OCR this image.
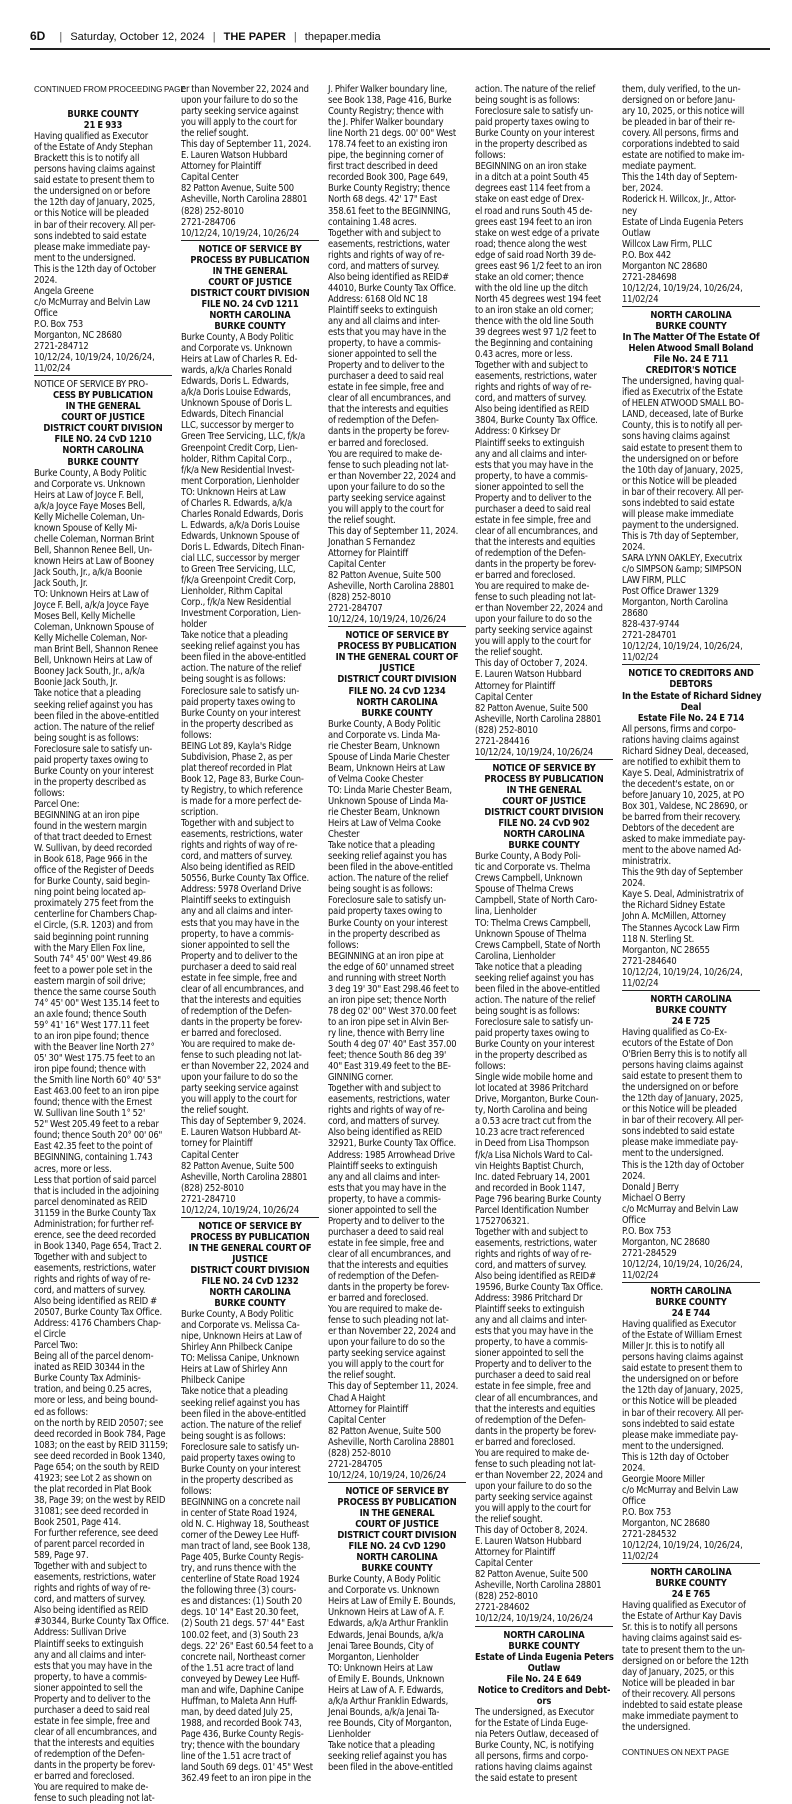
6D | Saturday, October 12, 2024 | THE PAPER | thepaper.media
CONTINUED FROM PROCEEDING PAGE
BURKE COUNTY
21 E 933
Having qualified as Executor
of the Estate of Andy Stephan
Brackett this is to notify all
persons having claims against
said estate to present them to
the undersigned on or before
the 12th day of January, 2025,
or this Notice will be pleaded
in bar of their recovery. All per-
sons indebted to said estate
please make immediate pay-
ment to the undersigned.
This is the 12th day of October
2024.
Angela Greene
c/o McMurray and Belvin Law
Office
P.O. Box 753
Morganton, NC 28680
2721-284712
10/12/24, 10/19/24, 10/26/24,
11/02/24
NOTICE OF SERVICE BY PRO-
CESS BY PUBLICATION
IN THE GENERAL
COURT OF JUSTICE
DISTRICT COURT DIVISION
FILE NO. 24 CvD 1210
NORTH CAROLINA
BURKE COUNTY
Burke County, A Body Politic
and Corporate vs. Unknown
Heirs at Law of Joyce F. Bell,
a/k/a Joyce Faye Moses Bell,
Kelly Michelle Coleman, Un-
known Spouse of Kelly Mi-
chelle Coleman, Norman Brint
Bell, Shannon Renee Bell, Un-
known Heirs at Law of Booney
Jack South, Jr., a/k/a Boonie
Jack South, Jr.
TO: Unknown Heirs at Law of
Joyce F. Bell, a/k/a Joyce Faye
Moses Bell, Kelly Michelle
Coleman, Unknown Spouse of
Kelly Michelle Coleman, Nor-
man Brint Bell, Shannon Renee
Bell, Unknown Heirs at Law of
Booney Jack South, Jr., a/k/a
Boonie Jack South, Jr.
Take notice that a pleading
seeking relief against you has
been filed in the above-entitled
action. The nature of the relief
being sought is as follows:
Foreclosure sale to satisfy un-
paid property taxes owing to
Burke County on your interest
in the property described as
follows:
Parcel One:
BEGINNING at an iron pipe
found in the western margin
of that tract deeded to Ernest
W. Sullivan, by deed recorded
in Book 618, Page 966 in the
office of the Register of Deeds
for Burke County, said begin-
ning point being located ap-
proximately 275 feet from the
centerline for Chambers Chap-
el Circle, (S.R. 1203) and from
said beginning point running
with the Mary Ellen Fox line,
South 74° 45' 00" West 49.86
feet to a power pole set in the
eastern margin of soil drive;
thence the same course South
74° 45' 00" West 135.14 feet to
an axle found; thence South
59° 41' 16" West 177.11 feet
to an iron pipe found; thence
with the Beaver line North 27°
05' 30" West 175.75 feet to an
iron pipe found; thence with
the Smith line North 60° 40' 53"
East 463.00 feet to an iron pipe
found; thence with the Ernest
W. Sullivan line South 1° 52'
52" West 205.49 feet to a rebar
found; thence South 20° 00' 06"
East 42.35 feet to the point of
BEGINNING, containing 1.743
acres, more or less.
Less that portion of said parcel
that is included in the adjoining
parcel denominated as REID
31159 in the Burke County Tax
Administration; for further ref-
erence, see the deed recorded
in Book 1340, Page 654, Tract 2.
Together with and subject to
easements, restrictions, water
rights and rights of way of re-
cord, and matters of survey.
Also being identified as REID #
20507, Burke County Tax Office.
Address: 4176 Chambers Chap-
el Circle
Parcel Two:
Being all of the parcel denom-
inated as REID 30344 in the
Burke County Tax Adminis-
tration, and being 0.25 acres,
more or less, and being bound-
ed as follows:
on the north by REID 20507; see
deed recorded in Book 784, Page
1083; on the east by REID 31159;
see deed recorded in Book 1340,
Page 654; on the south by REID
41923; see Lot 2 as shown on
the plat recorded in Plat Book
38, Page 39; on the west by REID
31081; see deed recorded in
Book 2501, Page 414.
For further reference, see deed
of parent parcel recorded in
589, Page 97.
Together with and subject to
easements, restrictions, water
rights and rights of way of re-
cord, and matters of survey.
Also being identified as REID
#30344, Burke County Tax Office.
Address: Sullivan Drive
Plaintiff seeks to extinguish
any and all claims and inter-
ests that you may have in the
property, to have a commis-
sioner appointed to sell the
Property and to deliver to the
purchaser a deed to said real
estate in fee simple, free and
clear of all encumbrances, and
that the interests and equities
of redemption of the Defen-
dants in the property be forev-
er barred and foreclosed.
You are required to make de-
fense to such pleading not lat-
er than November 22, 2024 and
upon your failure to do so the
party seeking service against
you will apply to the court for
the relief sought.
This day of September 11, 2024.
E. Lauren Watson Hubbard
Attorney for Plaintiff
Capital Center
82 Patton Avenue, Suite 500
Asheville, North Carolina 28801
(828) 252-8010
2721-284706
10/12/24, 10/19/24, 10/26/24
NOTICE OF SERVICE BY
PROCESS BY PUBLICATION
IN THE GENERAL
COURT OF JUSTICE
DISTRICT COURT DIVISION
FILE NO. 24 CvD 1211
NORTH CAROLINA
BURKE COUNTY
Burke County, A Body Politic
and Corporate vs. Unknown
Heirs at Law of Charles R. Ed-
wards, a/k/a Charles Ronald
Edwards, Doris L. Edwards,
a/k/a Doris Louise Edwards,
Unknown Spouse of Doris L.
Edwards, Ditech Financial
LLC, successor by merger to
Green Tree Servicing, LLC, f/k/a
Greenpoint Credit Corp, Lien-
holder, Rithm Capital Corp.,
f/k/a New Residential Invest-
ment Corporation, Lienholder
TO: Unknown Heirs at Law
of Charles R. Edwards, a/k/a
Charles Ronald Edwards, Doris
L. Edwards, a/k/a Doris Louise
Edwards, Unknown Spouse of
Doris L. Edwards, Ditech Finan-
cial LLC, successor by merger
to Green Tree Servicing, LLC,
f/k/a Greenpoint Credit Corp,
Lienholder, Rithm Capital
Corp., f/k/a New Residential
Investment Corporation, Lien-
holder
Take notice that a pleading
seeking relief against you has
been filed in the above-entitled
action. The nature of the relief
being sought is as follows:
Foreclosure sale to satisfy un-
paid property taxes owing to
Burke County on your interest
in the property described as
follows:
BEING Lot 89, Kayla's Ridge
Subdivision, Phase 2, as per
plat thereof recorded in Plat
Book 12, Page 83, Burke Coun-
ty Registry, to which reference
is made for a more perfect de-
scription.
Together with and subject to
easements, restrictions, water
rights and rights of way of re-
cord, and matters of survey.
Also being identified as REID
50556, Burke County Tax Office.
Address: 5978 Overland Drive
Plaintiff seeks to extinguish
any and all claims and inter-
ests that you may have in the
property, to have a commis-
sioner appointed to sell the
Property and to deliver to the
purchaser a deed to said real
estate in fee simple, free and
clear of all encumbrances, and
that the interests and equities
of redemption of the Defen-
dants in the property be forev-
er barred and foreclosed.
You are required to make de-
fense to such pleading not lat-
er than November 22, 2024 and
upon your failure to do so the
party seeking service against
you will apply to the court for
the relief sought.
This day of September 9, 2024.
E. Lauren Watson Hubbard At-
torney for Plaintiff
Capital Center
82 Patton Avenue, Suite 500
Asheville, North Carolina 28801
(828) 252-8010
2721-284710
10/12/24, 10/19/24, 10/26/24
NOTICE OF SERVICE BY
PROCESS BY PUBLICATION
IN THE GENERAL COURT OF
JUSTICE
DISTRICT COURT DIVISION
FILE NO. 24 CvD 1232
NORTH CAROLINA
BURKE COUNTY
Burke County, A Body Politic
and Corporate vs. Melissa Ca-
nipe, Unknown Heirs at Law of
Shirley Ann Philbeck Canipe
TO: Melissa Canipe, Unknown
Heirs at Law of Shirley Ann
Philbeck Canipe
Take notice that a pleading
seeking relief against you has
been filed in the above-entitled
action. The nature of the relief
being sought is as follows:
Foreclosure sale to satisfy un-
paid property taxes owing to
Burke County on your interest
in the property described as
follows:
BEGINNING on a concrete nail
in center of State Road 1924,
old N. C. Highway 18, Southeast
corner of the Dewey Lee Huff-
man tract of land, see Book 138,
Page 405, Burke County Regis-
try, and runs thence with the
centerline of State Road 1924
the following three (3) cours-
es and distances: (1) South 20
degs. 10' 14" East 20.30 feet,
(2) South 21 degs. 57' 44" East
100.02 feet, and (3) South 23
degs. 22' 26" East 60.54 feet to a
concrete nail, Northeast corner
of the 1.51 acre tract of land
conveyed by Dewey Lee Huff-
man and wife, Daphine Canipe
Huffman, to Maleta Ann Huff-
man, by deed dated July 25,
1988, and recorded Book 743,
Page 436, Burke County Regis-
try; thence with the boundary
line of the 1.51 acre tract of
land South 69 degs. 01' 45" West
362.49 feet to an iron pipe in the
J. Phifer Walker boundary line,
see Book 138, Page 416, Burke
County Registry; thence with
the J. Phifer Walker boundary
line North 21 degs. 00' 00" West
178.74 feet to an existing iron
pipe, the beginning corner of
first tract described in deed
recorded Book 300, Page 649,
Burke County Registry; thence
North 68 degs. 42' 17" East
358.61 feet to the BEGINNING,
containing 1.48 acres.
Together with and subject to
easements, restrictions, water
rights and rights of way of re-
cord, and matters of survey.
Also being identified as REID#
44010, Burke County Tax Office.
Address: 6168 Old NC 18
Plaintiff seeks to extinguish
any and all claims and inter-
ests that you may have in the
property, to have a commis-
sioner appointed to sell the
Property and to deliver to the
purchaser a deed to said real
estate in fee simple, free and
clear of all encumbrances, and
that the interests and equities
of redemption of the Defen-
dants in the property be forev-
er barred and foreclosed.
You are required to make de-
fense to such pleading not lat-
er than November 22, 2024 and
upon your failure to do so the
party seeking service against
you will apply to the court for
the relief sought.
This day of September 11, 2024.
Jonathan S Fernandez
Attorney for Plaintiff
Capital Center
82 Patton Avenue, Suite 500
Asheville, North Carolina 28801
(828) 252-8010
2721-284707
10/12/24, 10/19/24, 10/26/24
NOTICE OF SERVICE BY
PROCESS BY PUBLICATION
IN THE GENERAL COURT OF
JUSTICE
DISTRICT COURT DIVISION
FILE NO. 24 CvD 1234
NORTH CAROLINA
BURKE COUNTY
Burke County, A Body Politic
and Corporate vs. Linda Ma-
rie Chester Beam, Unknown
Spouse of Linda Marie Chester
Beam, Unknown Heirs at Law
of Velma Cooke Chester
TO: Linda Marie Chester Beam,
Unknown Spouse of Linda Ma-
rie Chester Beam, Unknown
Heirs at Law of Velma Cooke
Chester
Take notice that a pleading
seeking relief against you has
been filed in the above-entitled
action. The nature of the relief
being sought is as follows:
Foreclosure sale to satisfy un-
paid property taxes owing to
Burke County on your interest
in the property described as
follows:
BEGINNING at an iron pipe at
the edge of 60' unnamed street
and running with street North
3 deg 19' 30" East 298.46 feet to
an iron pipe set; thence North
78 deg 02' 00" West 370.00 feet
to an iron pipe set in Alvin Ber-
ry line, thence with Berry line
South 4 deg 07' 40" East 357.00
feet; thence South 86 deg 39'
40" East 319.49 feet to the BE-
GINNING corner.
Together with and subject to
easements, restrictions, water
rights and rights of way of re-
cord, and matters of survey.
Also being identified as REID
32921, Burke County Tax Office.
Address: 1985 Arrowhead Drive
Plaintiff seeks to extinguish
any and all claims and inter-
ests that you may have in the
property, to have a commis-
sioner appointed to sell the
Property and to deliver to the
purchaser a deed to said real
estate in fee simple, free and
clear of all encumbrances, and
that the interests and equities
of redemption of the Defen-
dants in the property be forev-
er barred and foreclosed.
You are required to make de-
fense to such pleading not lat-
er than November 22, 2024 and
upon your failure to do so the
party seeking service against
you will apply to the court for
the relief sought.
This day of September 11, 2024.
Chad A Haight
Attorney for Plaintiff
Capital Center
82 Patton Avenue, Suite 500
Asheville, North Carolina 28801
(828) 252-8010
2721-284705
10/12/24, 10/19/24, 10/26/24
NOTICE OF SERVICE BY
PROCESS BY PUBLICATION
IN THE GENERAL
COURT OF JUSTICE
DISTRICT COURT DIVISION
FILE NO. 24 CvD 1290
NORTH CAROLINA
BURKE COUNTY
Burke County, A Body Politic
and Corporate vs. Unknown
Heirs at Law of Emily E. Bounds,
Unknown Heirs at Law of A. F.
Edwards, a/k/a Arthur Franklin
Edwards, Jenai Bounds, a/k/a
Jenai Taree Bounds, City of
Morganton, Lienholder
TO: Unknown Heirs at Law
of Emily E. Bounds, Unknown
Heirs at Law of A. F. Edwards,
a/k/a Arthur Franklin Edwards,
Jenai Bounds, a/k/a Jenai Ta-
ree Bounds, City of Morganton,
Lienholder
Take notice that a pleading
seeking relief against you has
been filed in the above-entitled
action. The nature of the relief
being sought is as follows:
Foreclosure sale to satisfy un-
paid property taxes owing to
Burke County on your interest
in the property described as
follows:
BEGINNING on an iron stake
in a ditch at a point South 45
degrees east 114 feet from a
stake on east edge of Drex-
el road and runs South 45 de-
grees east 194 feet to an iron
stake on west edge of a private
road; thence along the west
edge of said road North 39 de-
grees east 96 1/2 feet to an iron
stake an old corner; thence
with the old line up the ditch
North 45 degrees west 194 feet
to an iron stake an old corner;
thence with the old line South
39 degrees west 97 1/2 feet to
the Beginning and containing
0.43 acres, more or less.
Together with and subject to
easements, restrictions, water
rights and rights of way of re-
cord, and matters of survey.
Also being identified as REID
3804, Burke County Tax Office.
Address: 0 Kirksey Dr
Plaintiff seeks to extinguish
any and all claims and inter-
ests that you may have in the
property, to have a commis-
sioner appointed to sell the
Property and to deliver to the
purchaser a deed to said real
estate in fee simple, free and
clear of all encumbrances, and
that the interests and equities
of redemption of the Defen-
dants in the property be forev-
er barred and foreclosed.
You are required to make de-
fense to such pleading not lat-
er than November 22, 2024 and
upon your failure to do so the
party seeking service against
you will apply to the court for
the relief sought.
This day of October 7, 2024.
E. Lauren Watson Hubbard
Attorney for Plaintiff
Capital Center
82 Patton Avenue, Suite 500
Asheville, North Carolina 28801
(828) 252-8010
2721-284416
10/12/24, 10/19/24, 10/26/24
NOTICE OF SERVICE BY
PROCESS BY PUBLICATION
IN THE GENERAL
COURT OF JUSTICE
DISTRICT COURT DIVISION
FILE NO. 24 CvD 902
NORTH CAROLINA
BURKE COUNTY
Burke County, A Body Poli-
tic and Corporate vs. Thelma
Crews Campbell, Unknown
Spouse of Thelma Crews
Campbell, State of North Caro-
lina, Lienholder
TO: Thelma Crews Campbell,
Unknown Spouse of Thelma
Crews Campbell, State of North
Carolina, Lienholder
Take notice that a pleading
seeking relief against you has
been filed in the above-entitled
action. The nature of the relief
being sought is as follows:
Foreclosure sale to satisfy un-
paid property taxes owing to
Burke County on your interest
in the property described as
follows:
Single wide mobile home and
lot located at 3986 Pritchard
Drive, Morganton, Burke Coun-
ty, North Carolina and being
a 0.53 acre tract cut from the
10.23 acre tract referenced
in Deed from Lisa Thompson
f/k/a Lisa Nichols Ward to Cal-
vin Heights Baptist Church,
Inc. dated February 14, 2001
and recorded in Book 1147,
Page 796 bearing Burke County
Parcel Identification Number
1752706321.
Together with and subject to
easements, restrictions, water
rights and rights of way of re-
cord, and matters of survey.
Also being identified as REID#
19596, Burke County Tax Office.
Address: 3986 Pritchard Dr
Plaintiff seeks to extinguish
any and all claims and inter-
ests that you may have in the
property, to have a commis-
sioner appointed to sell the
Property and to deliver to the
purchaser a deed to said real
estate in fee simple, free and
clear of all encumbrances, and
that the interests and equities
of redemption of the Defen-
dants in the property be forev-
er barred and foreclosed.
You are required to make de-
fense to such pleading not lat-
er than November 22, 2024 and
upon your failure to do so the
party seeking service against
you will apply to the court for
the relief sought.
This day of October 8, 2024.
E. Lauren Watson Hubbard
Attorney for Plaintiff
Capital Center
82 Patton Avenue, Suite 500
Asheville, North Carolina 28801
(828) 252-8010
2721-284602
10/12/24, 10/19/24, 10/26/24
NORTH CAROLINA
BURKE COUNTY
Estate of Linda Eugenia Peters
Outlaw
File No. 24 E 649
Notice to Creditors and Debt-
ors
The undersigned, as Executor
for the Estate of Linda Euge-
nia Peters Outlaw, deceased of
Burke County, NC, is notifying
all persons, firms and corpo-
rations having claims against
the said estate to present
them, duly verified, to the un-
dersigned on or before Janu-
ary 10, 2025, or this notice will
be pleaded in bar of their re-
covery. All persons, firms and
corporations indebted to said
estate are notified to make im-
mediate payment.
This the 14th day of Septem-
ber, 2024.
Roderick H. Willcox, Jr., Attor-
ney
Estate of Linda Eugenia Peters
Outlaw
Willcox Law Firm, PLLC
P.O. Box 442
Morganton NC 28680
2721-284698
10/12/24, 10/19/24, 10/26/24,
11/02/24
NORTH CAROLINA
BURKE COUNTY
In The Matter Of The Estate Of
Helen Atwood Small Boland
File No. 24 E 711
CREDITOR'S NOTICE
The undersigned, having qual-
ified as Executrix of the Estate
of HELEN ATWOOD SMALL BO-
LAND, deceased, late of Burke
County, this is to notify all per-
sons having claims against
said estate to present them to
the undersigned on or before
the 10th day of January, 2025,
or this Notice will be pleaded
in bar of their recovery. All per-
sons indebted to said estate
will please make immediate
payment to the undersigned.
This is 7th day of September,
2024.
SARA LYNN OAKLEY, Executrix
c/o SIMPSON &amp; SIMPSON
LAW FIRM, PLLC
Post Office Drawer 1329
Morganton, North Carolina
28680
828-437-9744
2721-284701
10/12/24, 10/19/24, 10/26/24,
11/02/24
NOTICE TO CREDITORS AND
DEBTORS
In the Estate of Richard Sidney
Deal
Estate File No. 24 E 714
All persons, firms and corpo-
rations having claims against
Richard Sidney Deal, deceased,
are notified to exhibit them to
Kaye S. Deal, Administratrix of
the decedent's estate, on or
before January 10, 2025, at PO
Box 301, Valdese, NC 28690, or
be barred from their recovery.
Debtors of the decedent are
asked to make immediate pay-
ment to the above named Ad-
ministratrix.
This the 9th day of September
2024.
Kaye S. Deal, Administratrix of
the Richard Sidney Estate
John A. McMillen, Attorney
The Stannes Aycock Law Firm
118 N. Sterling St.
Morganton, NC 28655
2721-284640
10/12/24, 10/19/24, 10/26/24,
11/02/24
NORTH CAROLINA
BURKE COUNTY
24 E 725
Having qualified as Co-Ex-
ecutors of the Estate of Don
O'Brien Berry this is to notify all
persons having claims against
said estate to present them to
the undersigned on or before
the 12th day of January, 2025,
or this Notice will be pleaded
in bar of their recovery. All per-
sons indebted to said estate
please make immediate pay-
ment to the undersigned.
This is the 12th day of October
2024.
Donald J Berry
Michael O Berry
c/o McMurray and Belvin Law
Office
P.O. Box 753
Morganton, NC 28680
2721-284529
10/12/24, 10/19/24, 10/26/24,
11/02/24
NORTH CAROLINA
BURKE COUNTY
24 E 744
Having qualified as Executor
of the Estate of William Ernest
Miller Jr. this is to notify all
persons having claims against
said estate to present them to
the undersigned on or before
the 12th day of January, 2025,
or this Notice will be pleaded
in bar of their recovery. All per-
sons indebted to said estate
please make immediate pay-
ment to the undersigned.
This is 12th day of October
2024.
Georgie Moore Miller
c/o McMurray and Belvin Law
Office
P.O. Box 753
Morganton, NC 28680
2721-284532
10/12/24, 10/19/24, 10/26/24,
11/02/24
NORTH CAROLINA
BURKE COUNTY
24 E 765
Having qualified as Executor of
the Estate of Arthur Kay Davis
Sr. this is to notify all persons
having claims against said es-
tate to present them to the un-
dersigned on or before the 12th
day of January, 2025, or this
Notice will be pleaded in bar
of their recovery. All persons
indebted to said estate please
make immediate payment to
the undersigned.
CONTINUES ON NEXT PAGE
